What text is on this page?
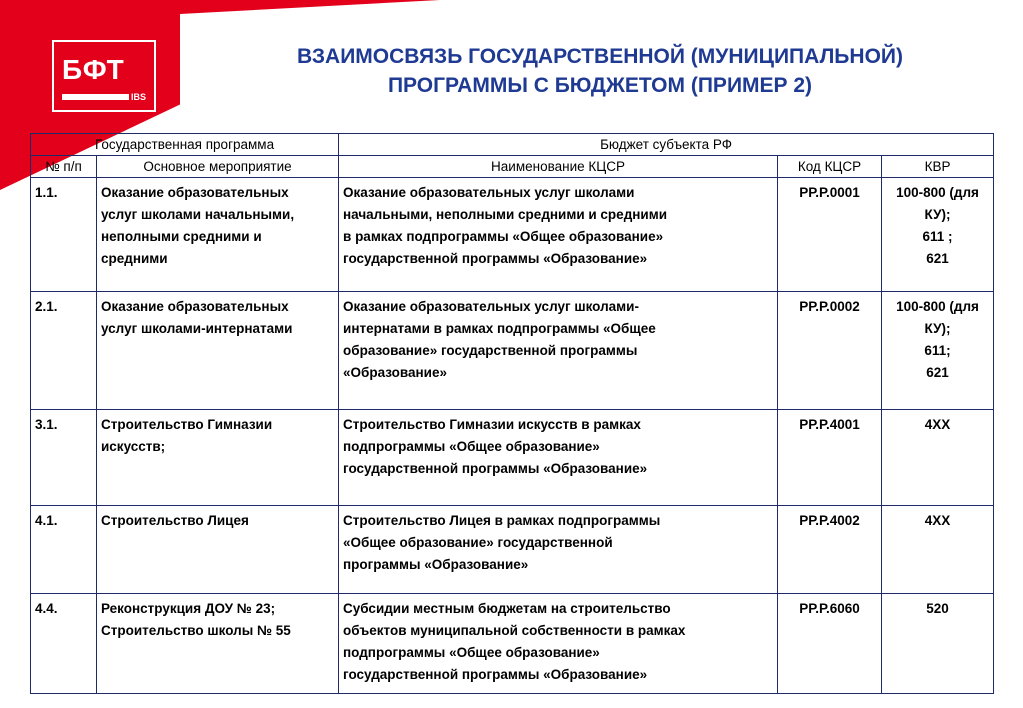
БФТ
IBS
ВЗАИМОСВЯЗЬ ГОСУДАРСТВЕННОЙ (МУНИЦИПАЛЬНОЙ)
ПРОГРАММЫ С БЮДЖЕТОМ (ПРИМЕР 2)
Государственная программа		Бюджет субъекта РФ		
№ п/п	Основное мероприятие	Наименование КЦСР	Код КЦСР	КВР
1.1.	Оказание образовательных
услуг школами начальными,
неполными средними и
средними	Оказание образовательных услуг школами
начальными, неполными средними и средними
в рамках подпрограммы «Общее образование»
государственной программы «Образование»	РР.Р.0001	100-800 (для
КУ);
611 ;
621

2.1.	Оказание образовательных
услуг школами-интернатами	Оказание образовательных услуг школами-
интернатами в рамках подпрограммы «Общее
образование» государственной программы
«Образование»	РР.Р.0002	100-800 (для
КУ);
611;
621

3.1.	Строительство Гимназии
искусств;	Строительство Гимназии искусств в рамках
подпрограммы «Общее образование»
государственной программы «Образование»	РР.Р.4001	4ХХ

4.1.	Строительство Лицея	Строительство Лицея в рамках подпрограммы
«Общее образование» государственной
программы «Образование»	РР.Р.4002	4ХХ

4.4.	Реконструкция ДОУ № 23;
Строительство школы № 55	Субсидии местным бюджетам на строительство
объектов муниципальной собственности в рамках
подпрограммы «Общее образование»
государственной программы «Образование»	РР.Р.6060	520
